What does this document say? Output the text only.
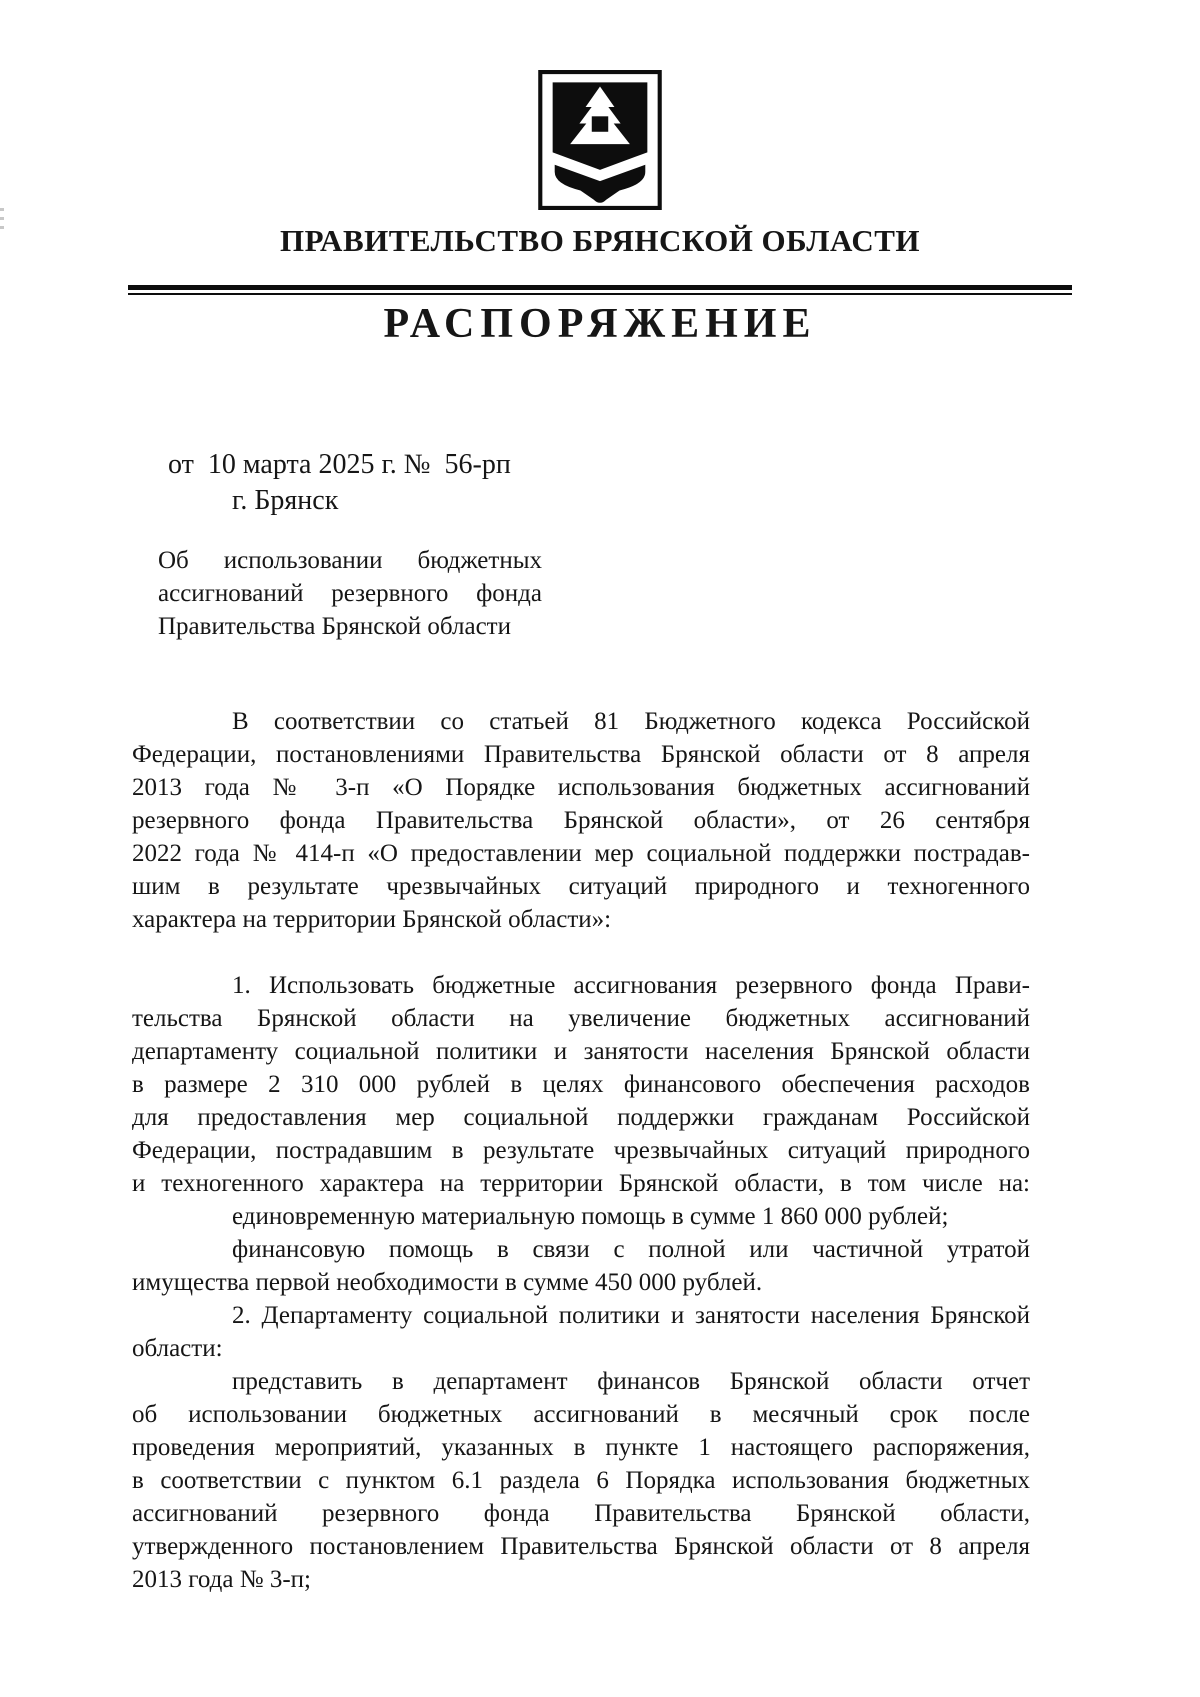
ПРАВИТЕЛЬСТВО БРЯНСКОЙ ОБЛАСТИ
РАСПОРЯЖЕНИЕ
от  10 марта 2025 г. №  56-рп
г. Брянск
Об использовании бюджетных
ассигнований резервного фонда
Правительства Брянской области
В соответствии со статьей 81 Бюджетного кодекса Российской
Федерации, постановлениями Правительства Брянской области от 8 апреля
2013 года № 3-п «О Порядке использования бюджетных ассигнований
резервного фонда Правительства Брянской области», от 26 сентября
2022 года № 414-п «О предоставлении мер социальной поддержки пострадав-
шим в результате чрезвычайных ситуаций природного и техногенного
характера на территории Брянской области»:
1. Использовать бюджетные ассигнования резервного фонда Прави-
тельства Брянской области на увеличение бюджетных ассигнований
департаменту социальной политики и занятости населения Брянской области
в размере 2 310 000 рублей в целях финансового обеспечения расходов
для предоставления мер социальной поддержки гражданам Российской
Федерации, пострадавшим в результате чрезвычайных ситуаций природного
и техногенного характера на территории Брянской области, в том числе на:
единовременную материальную помощь в сумме 1 860 000 рублей;
финансовую помощь в связи с полной или частичной утратой
имущества первой необходимости в сумме 450 000 рублей.
2. Департаменту социальной политики и занятости населения Брянской
области:
представить в департамент финансов Брянской области отчет
об использовании бюджетных ассигнований в месячный срок после
проведения мероприятий, указанных в пункте 1 настоящего распоряжения,
в соответствии с пунктом 6.1 раздела 6 Порядка использования бюджетных
ассигнований резервного фонда Правительства Брянской области,
утвержденного постановлением Правительства Брянской области от 8 апреля
2013 года № 3-п;
